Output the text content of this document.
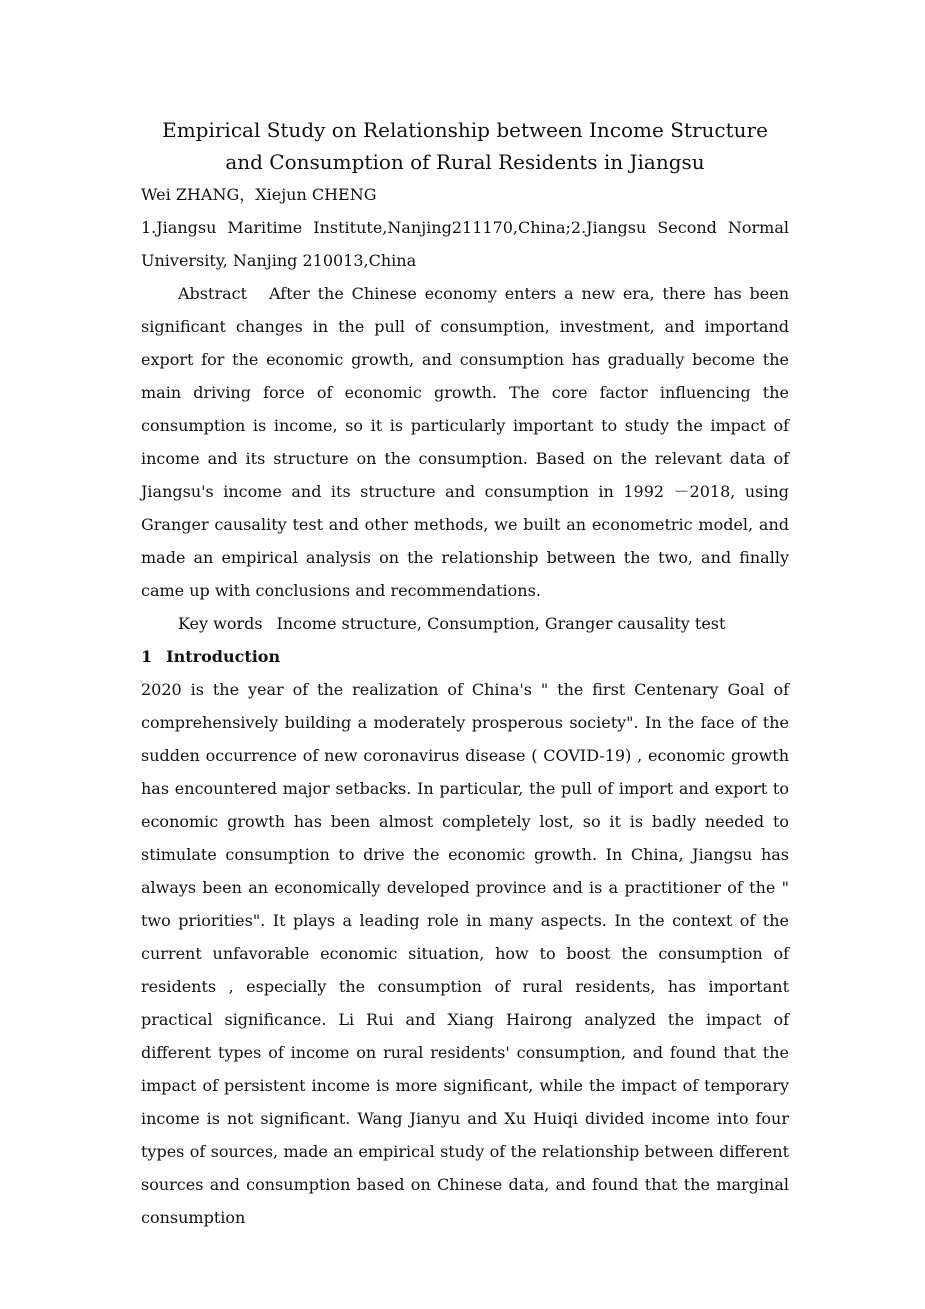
Empirical Study on Relationship between Income Structure and Consumption of Rural Residents in Jiangsu

Wei ZHANG，Xiejun CHENG

1.Jiangsu Maritime Institute,Nanjing211170,China;2.Jiangsu Second Normal University, Nanjing 210013,China

Abstract After the Chinese economy enters a new era, there has been significant changes in the pull of consumption, investment, and importand export for the economic growth, and consumption has gradually become the main driving force of economic growth. The core factor influencing the consumption is income, so it is particularly important to study the impact of income and its structure on the consumption. Based on the relevant data of Jiangsu's income and its structure and consumption in 1992 －2018, using Granger causality test and other methods, we built an econometric model, and made an empirical analysis on the relationship between the two, and finally came up with conclusions and recommendations.

Key words Income structure, Consumption, Granger causality test

1 Introduction

2020 is the year of the realization of China's " the first Centenary Goal of comprehensively building a moderately prosperous society". In the face of the sudden occurrence of new coronavirus disease ( COVID-19) , economic growth has encountered major setbacks. In particular, the pull of import and export to economic growth has been almost completely lost, so it is badly needed to stimulate consumption to drive the economic growth. In China, Jiangsu has always been an economically developed province and is a practitioner of the " two priorities". It plays a leading role in many aspects. In the context of the current unfavorable economic situation, how to boost the consumption of residents , especially the consumption of rural residents, has important practical significance. Li Rui and Xiang Hairong analyzed the impact of different types of income on rural residents' consumption, and found that the impact of persistent income is more significant, while the impact of temporary income is not significant. Wang Jianyu and Xu Huiqi divided income into four types of sources, made an empirical study of the relationship between different sources and consumption based on Chinese data, and found that the marginal consumption
